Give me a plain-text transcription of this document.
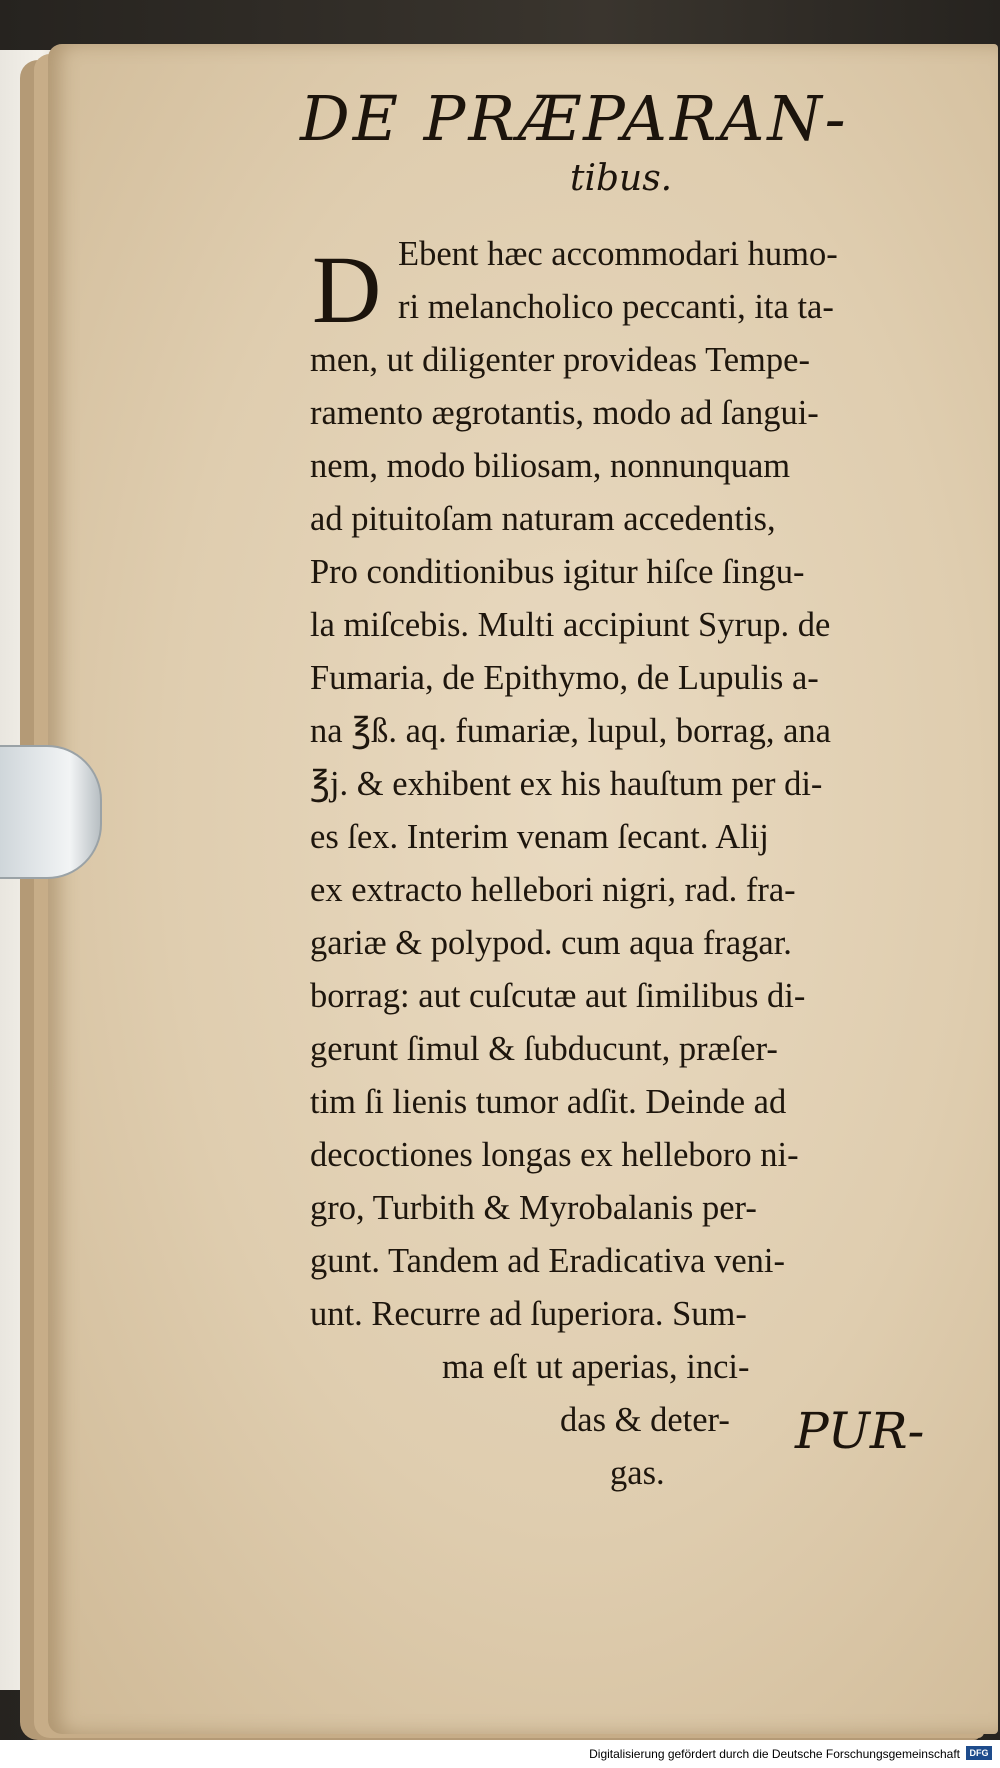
DE PRÆPARAN-
tibus.
D Ebent hæc accommodari humo-
ri melancholico peccanti, ita ta-
men, ut diligenter provideas Tempe-
ramento ægrotantis, modo ad ſangui-
nem, modo biliosam, nonnunquam
ad pituitoſam naturam accedentis,
Pro conditionibus igitur hiſce ſingu-
la miſcebis. Multi accipiunt Syrup. de
Fumaria, de Epithymo, de Lupulis a-
na ℥ß. aq. fumariæ, lupul, borrag, ana
℥j. & exhibent ex his hauſtum per di-
es ſex. Interim venam ſecant. Alij
ex extracto hellebori nigri, rad. fra-
gariæ & polypod. cum aqua fragar.
borrag: aut cuſcutæ aut ſimilibus di-
gerunt ſimul & ſubducunt, præſer-
tim ſi lienis tumor adſit. Deinde ad
decoctiones longas ex helleboro ni-
gro, Turbith & Myrobalanis per-
gunt. Tandem ad Eradicativa veni-
unt. Recurre ad ſuperiora. Sum-
ma eſt ut aperias, inci-
das & deter-
gas.
PUR-
Digitalisierung gefördert durch die Deutsche Forschungsgemeinschaft	DFG
